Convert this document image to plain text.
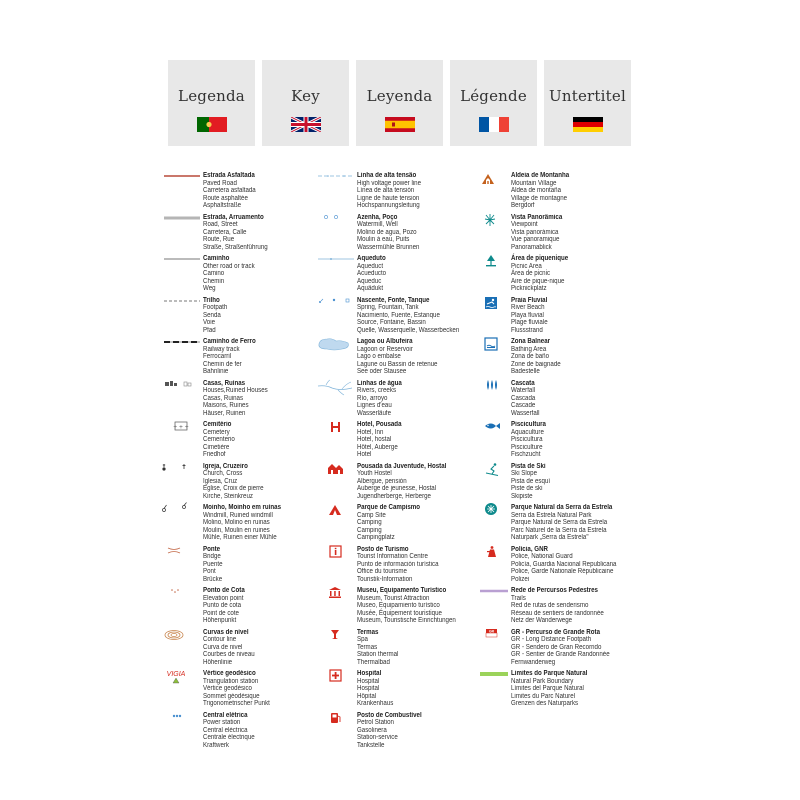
Legenda	Key	Leyenda	Légende	Untertitel
Estrada Asfaltada
Paved Road
Carretera asfaltada
Route asphaltée
Asphaltstraße
Estrada, Arruamento
Road, Street
Carretera, Calle
Route, Rue
Straße, Straßenführung
Caminho
Other road or track
Camino
Chemin
Weg
Trilho
Footpath
Senda
Voie
Pfad
Caminho de Ferro
Railway track
Ferrocarril
Chemin de fer
Bahnlinie
Casas, Ruínas
Houses,Ruined Houses
Casas, Ruinas
Maisons, Ruines
Häuser, Ruinen
+ + + Cemitério
Cemetery
Cementerio
Cimetière
Friedhof
Igreja, Cruzeiro
Church, Cross
Iglesia, Cruz
Eglise, Croix de pierre
Kirche, Steinkreuz
Moinho, Moinho em ruínas
Windmill, Ruined windmill
Molino, Molino en ruinas
Moulin, Moulin en ruines
Mühle, Ruinen einer Mühle
Ponte
Bridge
Puente
Pont
Brücke
Ponto de Cota
Elevation point
Punto de cota
Point de cote
Höhenpunkt
Curvas de nível
Contour line
Curva de nivel
Courbes de niveau
Höhenlinie
VIGIA	Vértice geodésico
Triangulation station
Vértice geodésico
Sommet géodésique
Trigonometrischer Punkt
Central elétrica
Power station
Central eléctrica
Centrale électrique
Kraftwerk
Linha de alta tensão
High voltage power line
Línea de alta tensión
Ligne de haute tension
Hochspannungsleitung
Azenha, Poço
Watermill, Well
Molino de agua, Pozo
Moulin à eau, Puits
Wassermühle Brunnen
Aqueduto
Aqueduct
Acueducto
Aqueduc
Aquädukt
Nascente, Fonte, Tanque
Spring, Fountain, Tank
Nacimiento, Fuente, Estanque
Source, Fontaine, Bassin
Quelle, Wasserquelle, Wasserbecken
Lagoa ou Albufeira
Lagoon or Reservoir
Lago o embalse
Lagune ou Bassin de retenue
See oder Stausee
Linhas de água
Rivers, creeks
Río, arroyo
Lignes d'eau
Wasserläufe
Hotel, Pousada
Hotel, Inn
Hotel, hostal
Hôtel, Auberge
Hotel
Pousada da Juventude, Hostal
Youth Hostel
Albergue, pensión
Auberge de jeunesse, Hostal
Jugendherberge, Herberge
Parque de Campismo
Camp Site
Camping
Camping
Campingplatz
Posto de Turismo
Tourist Information Centre
Punto de información turística
Office du tourisme
Touristik-Information
Museu, Equipamento Turístico
Museum, Tourist Attraction
Museo, Equipamiento turístico
Musée, Équipement touristique
Museum, Touristische Einrichtungen
Termas
Spa
Termas
Station thermal
Thermalbad
Hospital
Hospital
Hospital
Hôpital
Krankenhaus
Posto de Combustível
Petrol Station
Gasolinera
Station-service
Tankstelle
Aldeia de Montanha
Mountain Village
Aldea de montaña
Village de montagne
Bergdorf
Vista Panorâmica
Viewpoint
Vista panorámica
Vue panoramique
Panoramablick
Área de piquenique
Picnic Area
Área de picnic
Aire de pique-nique
Picknickplatz
Praia Fluvial
River Beach
Playa fluvial
Plage fluviale
Flussstrand
Zona Balnear
Bathing Area
Zona de baño
Zone de baignade
Badestelle
Cascata
Waterfall
Cascada
Cascade
Wasserfall
Piscicultura
Aquaculture
Piscicultura
Pisciculture
Fischzucht
Pista de Ski
Ski Slope
Pista de esquí
Piste de ski
Skipiste
Parque Natural da Serra da Estrela
Serra da Estrela Natural Park
Parque Natural de Serra da Estrela
Parc Naturel de la Serra da Estrela
Naturpark „Serra da Estrela"
Polícia, GNR
Police, National Guard
Policía, Guardia Nacional Republicana
Police, Garde Nationale Républicaine
Polizei
Rede de Percursos Pedestres
Trails
Red de rutas de senderismo
Réseau de sentiers de randonnée
Netz der Wanderwege
GR GR - Percurso de Grande Rota
GR - Long Distance Footpath
GR - Sendero de Gran Recorrido
GR - Sentier de Grande Randonnée
Fernwanderweg
Limites do Parque Natural
Natural Park Boundary
Límites del Parque Natural
Limites du Parc Naturel
Grenzen des Naturparks
